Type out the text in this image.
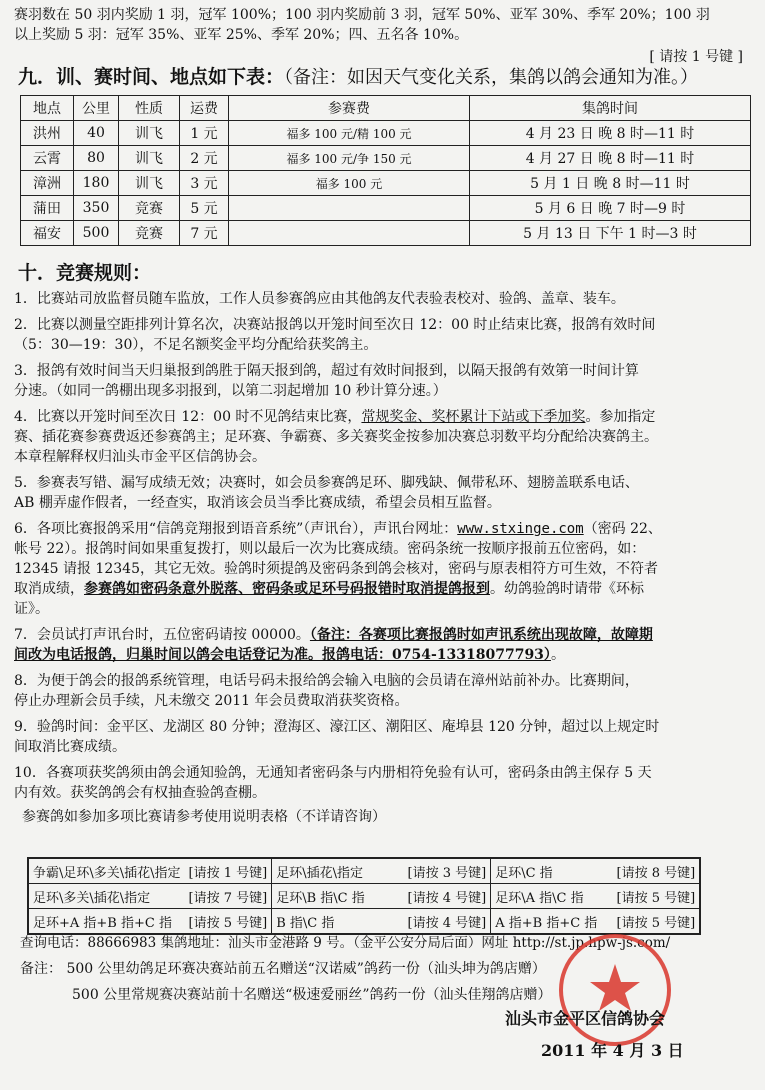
赛羽数在 50 羽内奖励 1 羽，冠军 100%；100 羽内奖励前 3 羽，冠军 50%、亚军 30%、季军 20%；100 羽
以上奖励 5 羽：冠军 35%、亚军 25%、季军 20%；四、五名各 10%。
[ 请按 1 号键 ]
九．训、赛时间、地点如下表：（备注：如因天气变化关系，集鸽以鸽会通知为准。）
地点	公里	性质	运费	参赛费	集鸽时间
洪州	40	训飞	1 元	福多 100 元/精 100 元	4 月 23 日 晚 8 时—11 时
云霄	80	训飞	2 元	福多 100 元/争 150 元	4 月 27 日 晚 8 时—11 时
漳洲	180	训飞	3 元	福多 100 元	5 月 1 日 晚 8 时—11 时
蒲田	350	竞赛	5 元		5 月 6 日 晚 7 时—9 时
福安	500	竞赛	7 元		5 月 13 日 下午 1 时—3 时
十．竞赛规则：
1．比赛站司放监督员随车监放，工作人员参赛鸽应由其他鸽友代表验表校对、验鸽、盖章、装车。
2．比赛以测量空距排列计算名次，决赛站报鸽以开笼时间至次日 12：00 时止结束比赛，报鸽有效时间
（5：30—19：30），不足名额奖金平均分配给获奖鸽主。
3．报鸽有效时间当天归巢报到鸽胜于隔天报到鸽，超过有效时间报到，以隔天报鸽有效第一时间计算
分速。（如同一鸽棚出现多羽报到，以第二羽起增加 10 秒计算分速。）
4．比赛以开笼时间至次日 12：00 时不见鸽结束比赛，常规奖金、奖杯累计下站或下季加奖。参加指定
赛、插花赛参赛费返还参赛鸽主；足环赛、争霸赛、多关赛奖金按参加决赛总羽数平均分配给决赛鸽主。
本章程解释权归汕头市金平区信鸽协会。
5．参赛表写错、漏写成绩无效；决赛时，如会员参赛鸽足环、脚残缺、佩带私环、翅膀盖联系电话、
AB 棚弄虚作假者，一经查实，取消该会员当季比赛成绩，希望会员相互监督。
6．各项比赛报鸽采用“信鸽竞翔报到语音系统”（声讯台），声讯台网址：www.stxinge.com（密码 22、
帐号 22）。报鸽时间如果重复拨打，则以最后一次为比赛成绩。密码条统一按顺序报前五位密码，如：
12345 请报 12345，其它无效。验鸽时须提鸽及密码条到鸽会核对，密码与原表相符方可生效，不符者
取消成绩，参赛鸽如密码条意外脱落、密码条或足环号码报错时取消提鸽报到。幼鸽验鸽时请带《环标
证》。
7．会员试打声讯台时，五位密码请按 00000。（备注：各赛项比赛报鸽时如声讯系统出现故障，故障期
间改为电话报鸽，归巢时间以鸽会电话登记为准。报鸽电话：0754-13318077793）。
8．为便于鸽会的报鸽系统管理，电话号码未报给鸽会输入电脑的会员请在漳州站前补办。比赛期间，
停止办理新会员手续，凡未缴交 2011 年会员费取消获奖资格。
9．验鸽时间：金平区、龙湖区 80 分钟；澄海区、濠江区、潮阳区、庵埠县 120 分钟，超过以上规定时
间取消比赛成绩。
10．各赛项获奖鸽须由鸽会通知验鸽，无通知者密码条与内册相符免验有认可，密码条由鸽主保存 5 天
内有效。获奖鸽鸽会有权抽查验鸽查棚。
参赛鸽如参加多项比赛请参考使用说明表格（不详请咨询）
争霸\足环\多关\插花\指定 [请按 1 号键]	足环\插花\指定 [请按 3 号键]	足环\C 指 [请按 8 号键]

足环\多关\插花\指定 [请按 7 号键]	足环\B 指\C 指 [请按 4 号键]	足环\A 指\C 指 [请按 5 号键]

足环+A 指+B 指+C 指 [请按 5 号键]	B 指\C 指 [请按 4 号键]	A 指+B 指+C 指 [请按 5 号键]
查询电话：88666983 集鸽地址：汕头市金港路 9 号。（金平公安分局后面）网址 http://st.jp.hpw-js.com/
备注： 500 公里幼鸽足环赛决赛站前五名赠送“汉诺威”鸽药一份（汕头坤为鸽店赠）
500 公里常规赛决赛站前十名赠送“极速爱丽丝”鸽药一份（汕头佳翔鸽店赠）
汕头市金平区信鸽协会
2011 年 4 月 3 日
